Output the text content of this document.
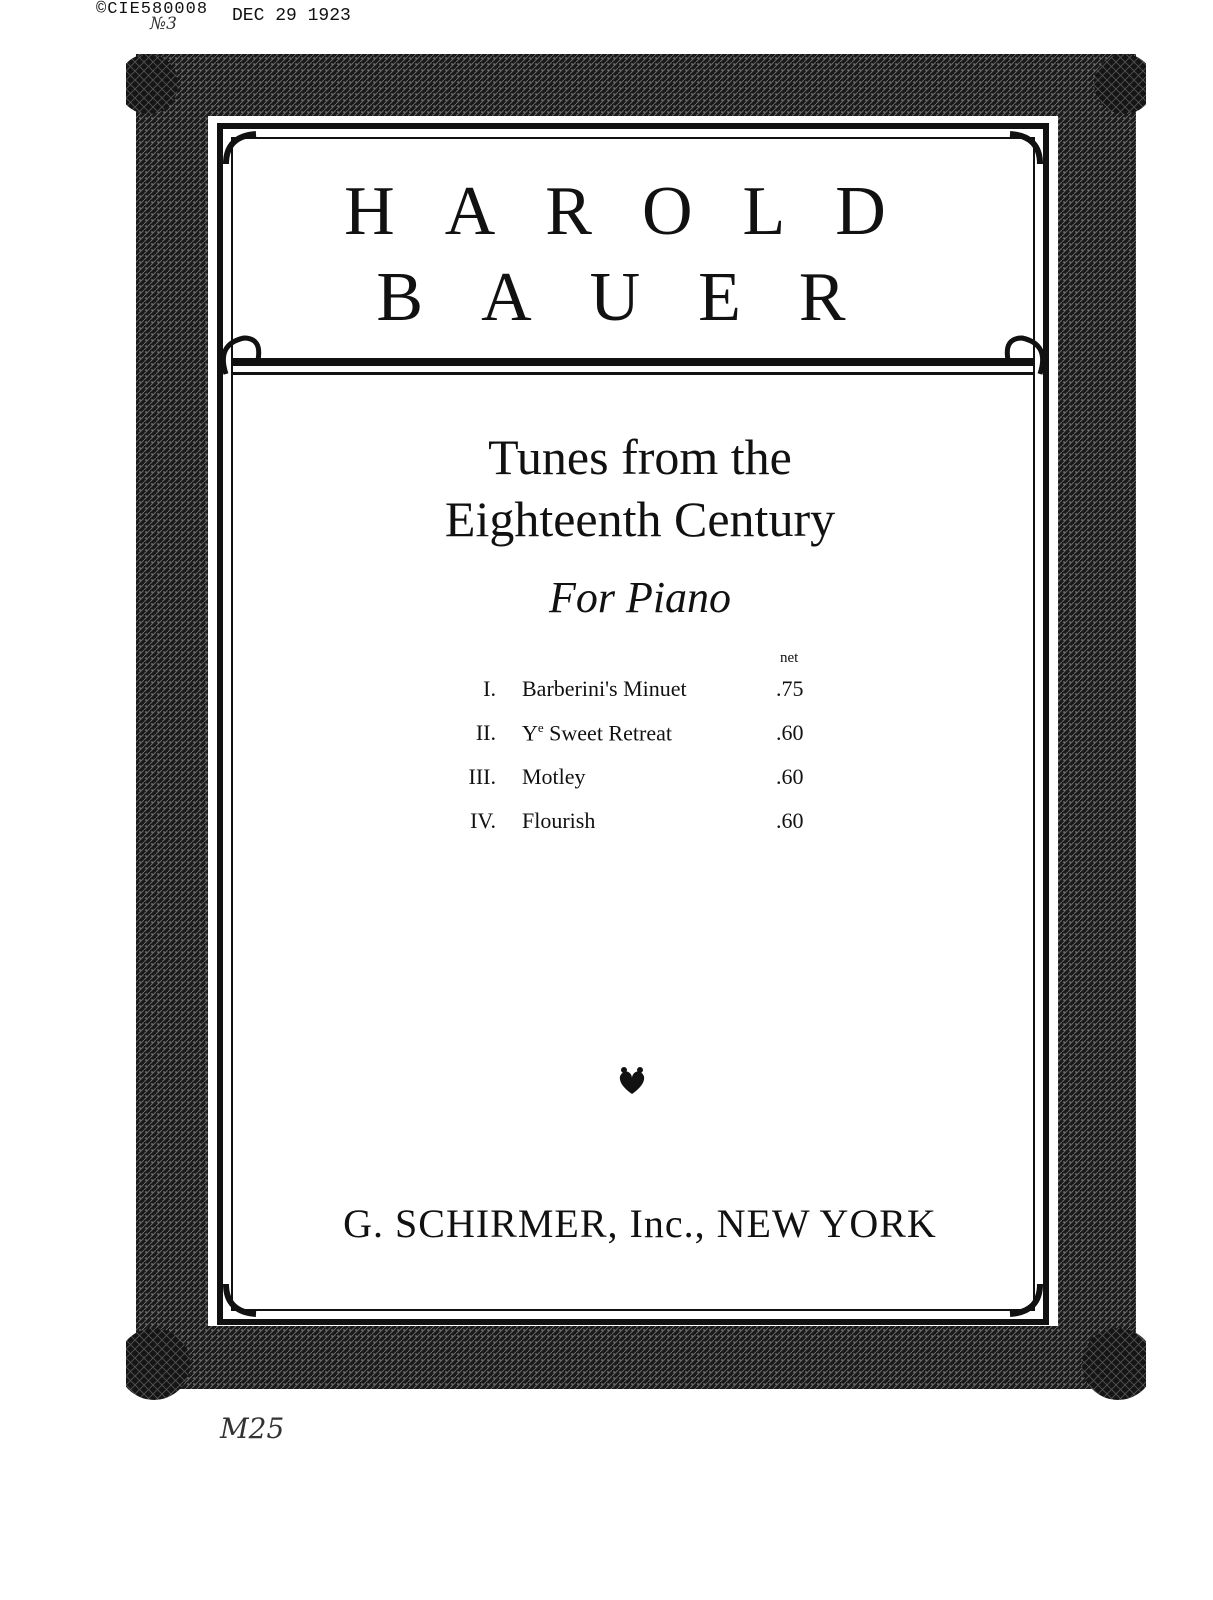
©CIE580008 DEC 29 1923
№3
HAROLD
BAUER
Tunes from the
Eighteenth Century
For Piano
net
I. Barberini's Minuet	.75
II. $Y^e$ Sweet Retreat	.60
III. Motley	.60
IV. Flourish	.60
G. SCHIRMER, Inc., NEW YORK
M25
